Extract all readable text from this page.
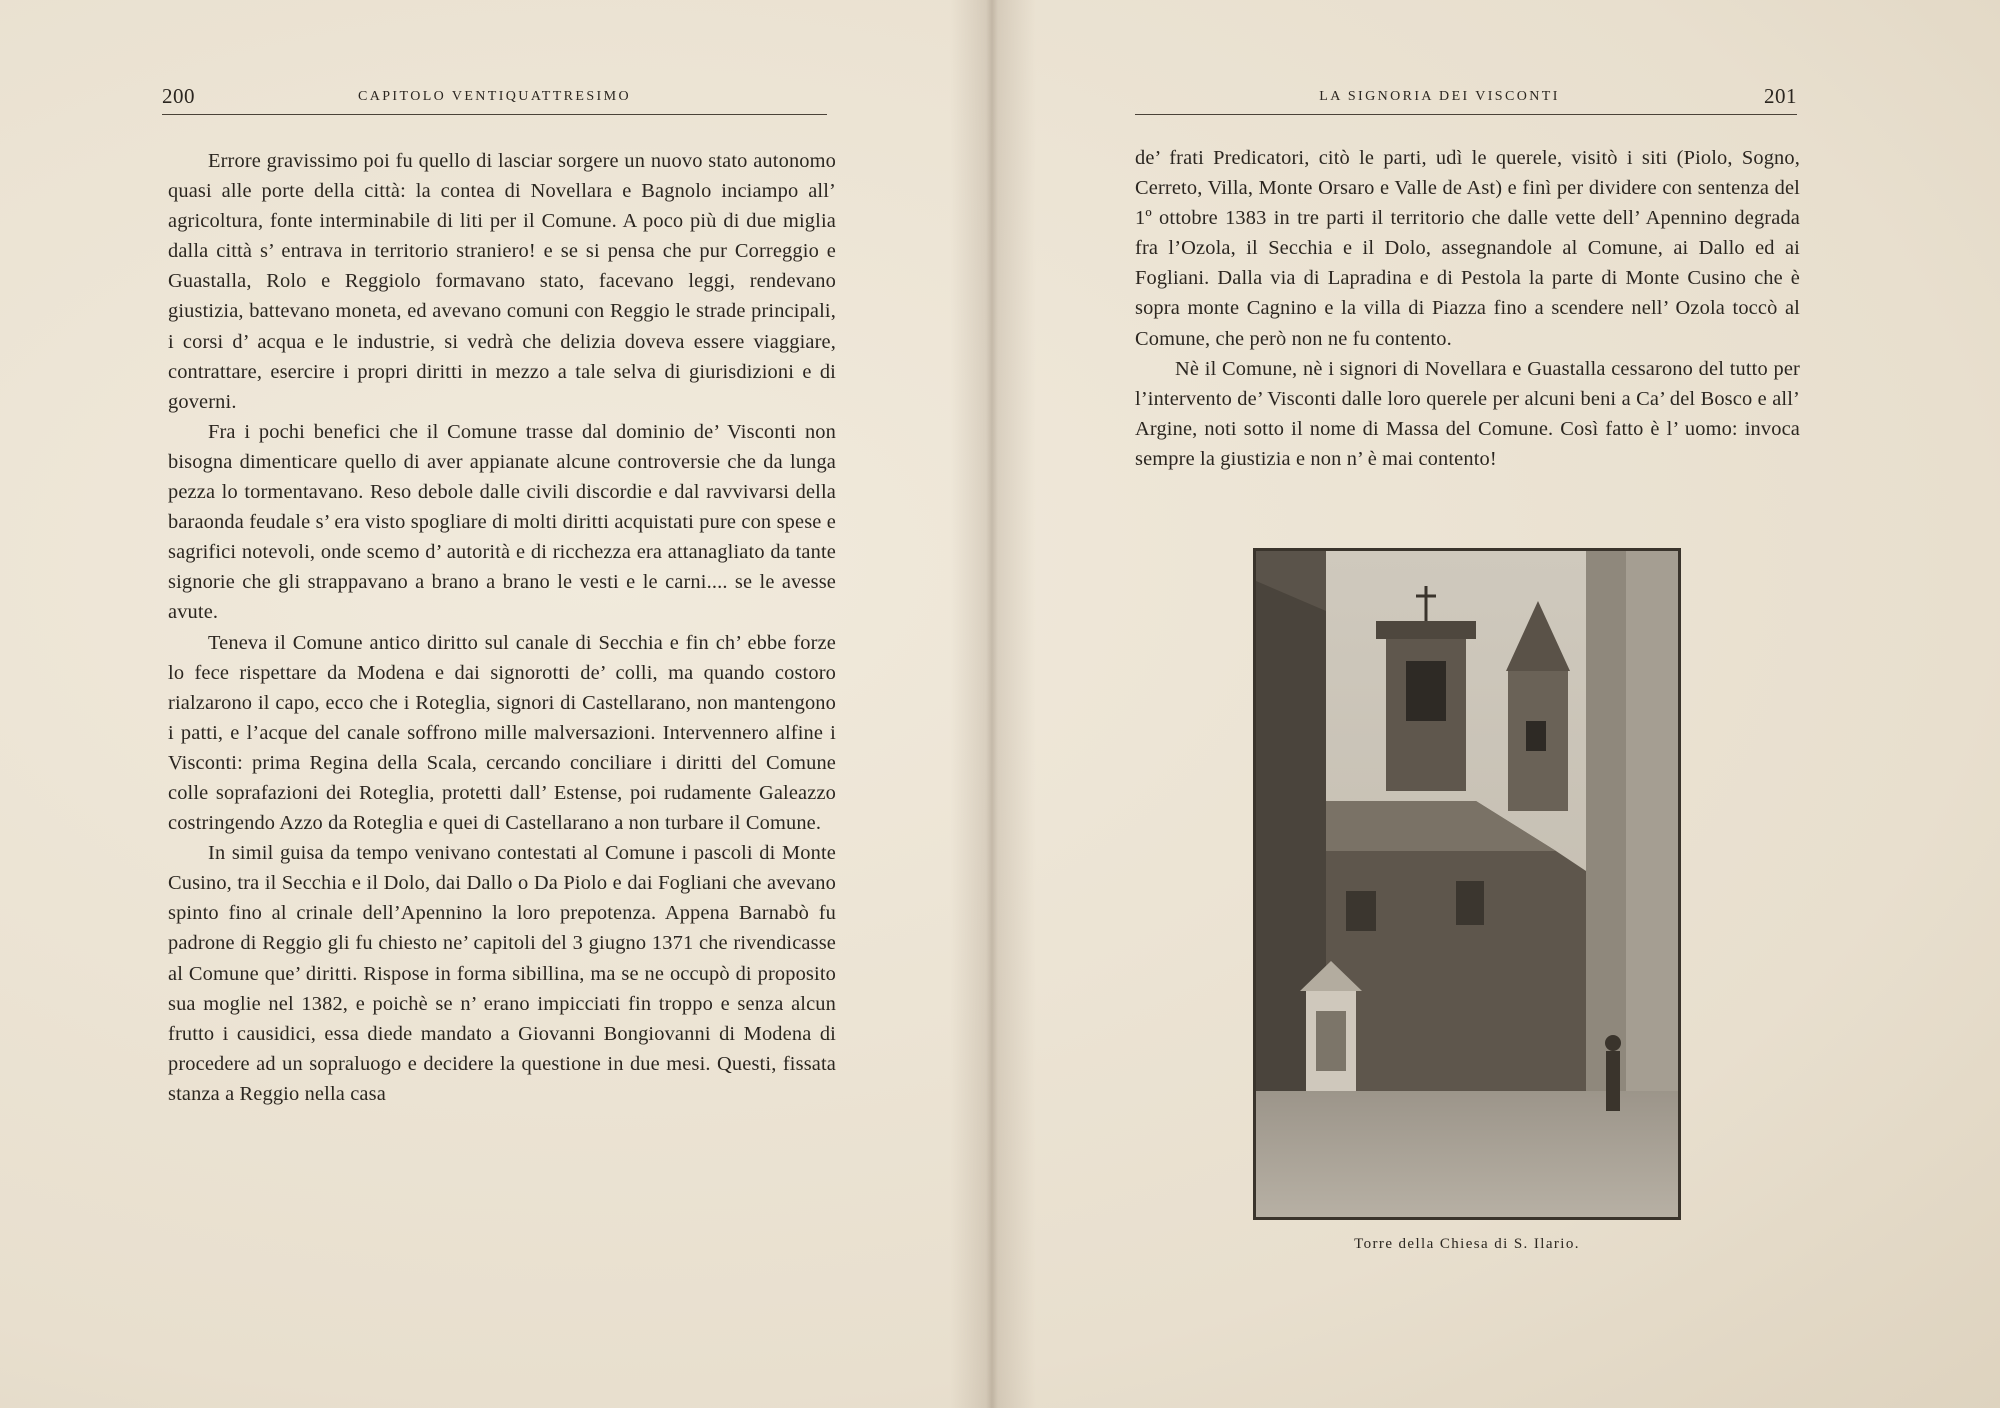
200	CAPITOLO VENTIQUATTRESIMO

Errore gravissimo poi fu quello di lasciar sorgere un nuovo stato autonomo quasi alle porte della città: la contea di Novellara e Bagnolo inciampo all’ agricoltura, fonte interminabile di liti per il Comune. A poco più di due miglia dalla città s’ entrava in territorio straniero! e se si pensa che pur Correggio e Guastalla, Rolo e Reggiolo formavano stato, facevano leggi, rendevano giustizia, battevano moneta, ed avevano comuni con Reggio le strade principali, i corsi d’ acqua e le industrie, si vedrà che delizia doveva essere viaggiare, contrattare, esercire i propri diritti in mezzo a tale selva di giurisdizioni e di governi.

Fra i pochi benefici che il Comune trasse dal dominio de’ Visconti non bisogna dimenticare quello di aver appianate alcune controversie che da lunga pezza lo tormentavano. Reso debole dalle civili discordie e dal ravvivarsi della baraonda feudale s’ era visto spogliare di molti diritti acquistati pure con spese e sagrifici notevoli, onde scemo d’ autorità e di ricchezza era attanagliato da tante signorie che gli strappavano a brano a brano le vesti e le carni.... se le avesse avute.

Teneva il Comune antico diritto sul canale di Secchia e fin ch’ ebbe forze lo fece rispettare da Modena e dai signorotti de’ colli, ma quando costoro rialzarono il capo, ecco che i Roteglia, signori di Castellarano, non mantengono i patti, e l’acque del canale soffrono mille malversazioni. Intervennero alfine i Visconti: prima Regina della Scala, cercando conciliare i diritti del Comune colle soprafazioni dei Roteglia, protetti dall’ Estense, poi rudamente Galeazzo costringendo Azzo da Roteglia e quei di Castellarano a non turbare il Comune.

In simil guisa da tempo venivano contestati al Comune i pascoli di Monte Cusino, tra il Secchia e il Dolo, dai Dallo o Da Piolo e dai Fogliani che avevano spinto fino al crinale dell’Apennino la loro prepotenza. Appena Barnabò fu padrone di Reggio gli fu chiesto ne’ capitoli del 3 giugno 1371 che rivendicasse al Comune que’ diritti. Rispose in forma sibillina, ma se ne occupò di proposito sua moglie nel 1382, e poichè se n’ erano impicciati fin troppo e senza alcun frutto i causidici, essa diede mandato a Giovanni Bongiovanni di Modena di procedere ad un sopraluogo e decidere la questione in due mesi. Questi, fissata stanza a Reggio nella casa

LA SIGNORIA DEI VISCONTI	201

de’ frati Predicatori, citò le parti, udì le querele, visitò i siti (Piolo, Sogno, Cerreto, Villa, Monte Orsaro e Valle de Ast) e finì per dividere con sentenza del 1º ottobre 1383 in tre parti il territorio che dalle vette dell’ Apennino degrada fra l’Ozola, il Secchia e il Dolo, assegnandole al Comune, ai Dallo ed ai Fogliani. Dalla via di Lapradina e di Pestola la parte di Monte Cusino che è sopra monte Cagnino e la villa di Piazza fino a scendere nell’ Ozola toccò al Comune, che però non ne fu contento.

Nè il Comune, nè i signori di Novellara e Guastalla cessarono del tutto per l’intervento de’ Visconti dalle loro querele per alcuni beni a Ca’ del Bosco e all’ Argine, noti sotto il nome di Massa del Comune. Così fatto è l’ uomo: invoca sempre la giustizia e non n’ è mai contento!

Torre della Chiesa di S. Ilario.
